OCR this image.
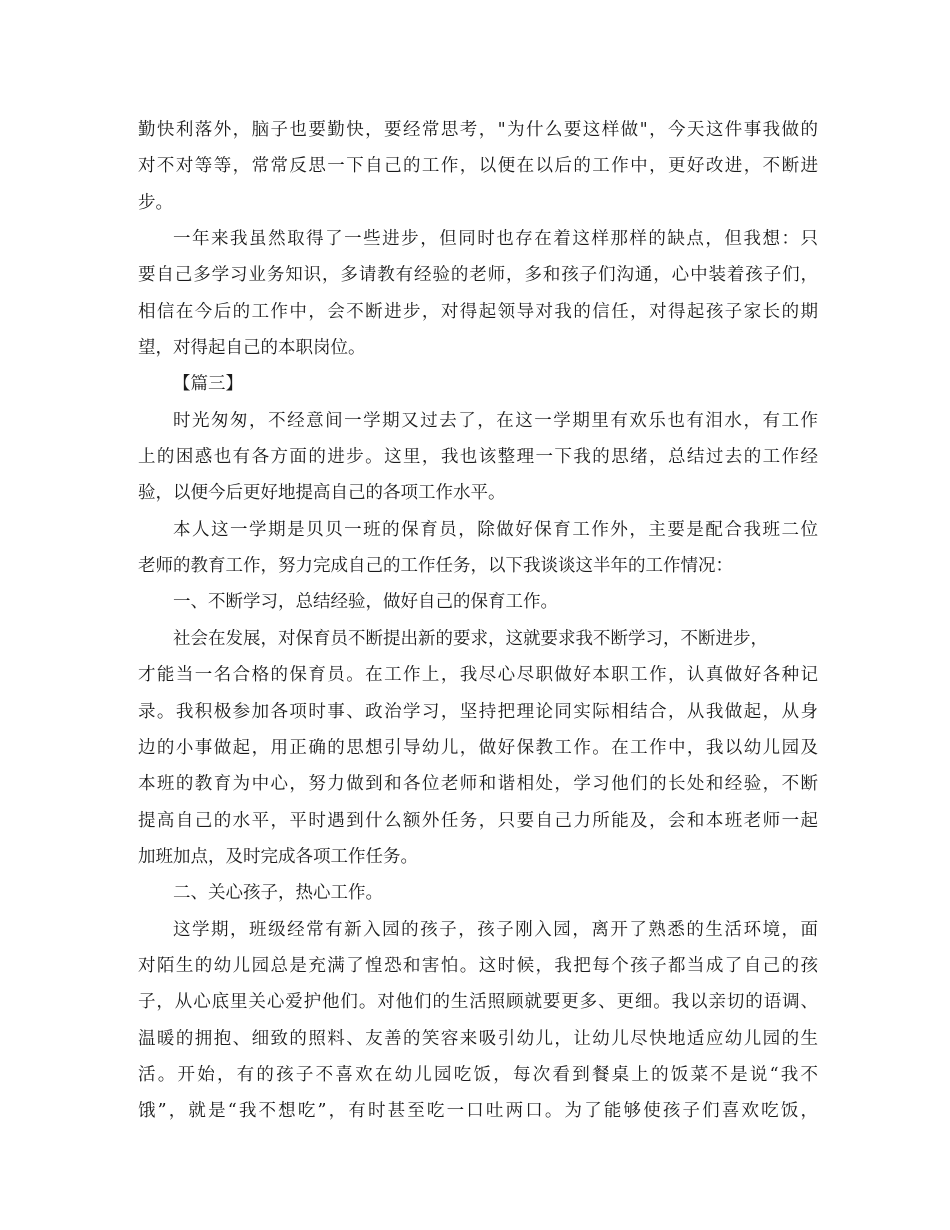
勤快利落外，脑子也要勤快，要经常思考，"为什么要这样做"，今天这件事我做的
对不对等等，常常反思一下自己的工作，以便在以后的工作中，更好改进，不断进
步。
一年来我虽然取得了一些进步，但同时也存在着这样那样的缺点，但我想：只
要自己多学习业务知识，多请教有经验的老师，多和孩子们沟通，心中装着孩子们，
相信在今后的工作中，会不断进步，对得起领导对我的信任，对得起孩子家长的期
望，对得起自己的本职岗位。
【篇三】
时光匆匆，不经意间一学期又过去了，在这一学期里有欢乐也有泪水，有工作
上的困惑也有各方面的进步。这里，我也该整理一下我的思绪，总结过去的工作经
验，以便今后更好地提高自己的各项工作水平。
本人这一学期是贝贝一班的保育员，除做好保育工作外，主要是配合我班二位
老师的教育工作，努力完成自己的工作任务，以下我谈谈这半年的工作情况：
一、不断学习，总结经验，做好自己的保育工作。
社会在发展，对保育员不断提出新的要求，这就要求我不断学习，不断进步，
才能当一名合格的保育员。在工作上，我尽心尽职做好本职工作，认真做好各种记
录。我积极参加各项时事、政治学习，坚持把理论同实际相结合，从我做起，从身
边的小事做起，用正确的思想引导幼儿，做好保教工作。在工作中，我以幼儿园及
本班的教育为中心，努力做到和各位老师和谐相处，学习他们的长处和经验，不断
提高自己的水平，平时遇到什么额外任务，只要自己力所能及，会和本班老师一起
加班加点，及时完成各项工作任务。
二、关心孩子，热心工作。
这学期，班级经常有新入园的孩子，孩子刚入园，离开了熟悉的生活环境，面
对陌生的幼儿园总是充满了惶恐和害怕。这时候，我把每个孩子都当成了自己的孩
子，从心底里关心爱护他们。对他们的生活照顾就要更多、更细。我以亲切的语调、
温暖的拥抱、细致的照料、友善的笑容来吸引幼儿，让幼儿尽快地适应幼儿园的生
活。开始，有的孩子不喜欢在幼儿园吃饭，每次看到餐桌上的饭菜不是说“我不
饿”，就是“我不想吃”，有时甚至吃一口吐两口。为了能够使孩子们喜欢吃饭，
